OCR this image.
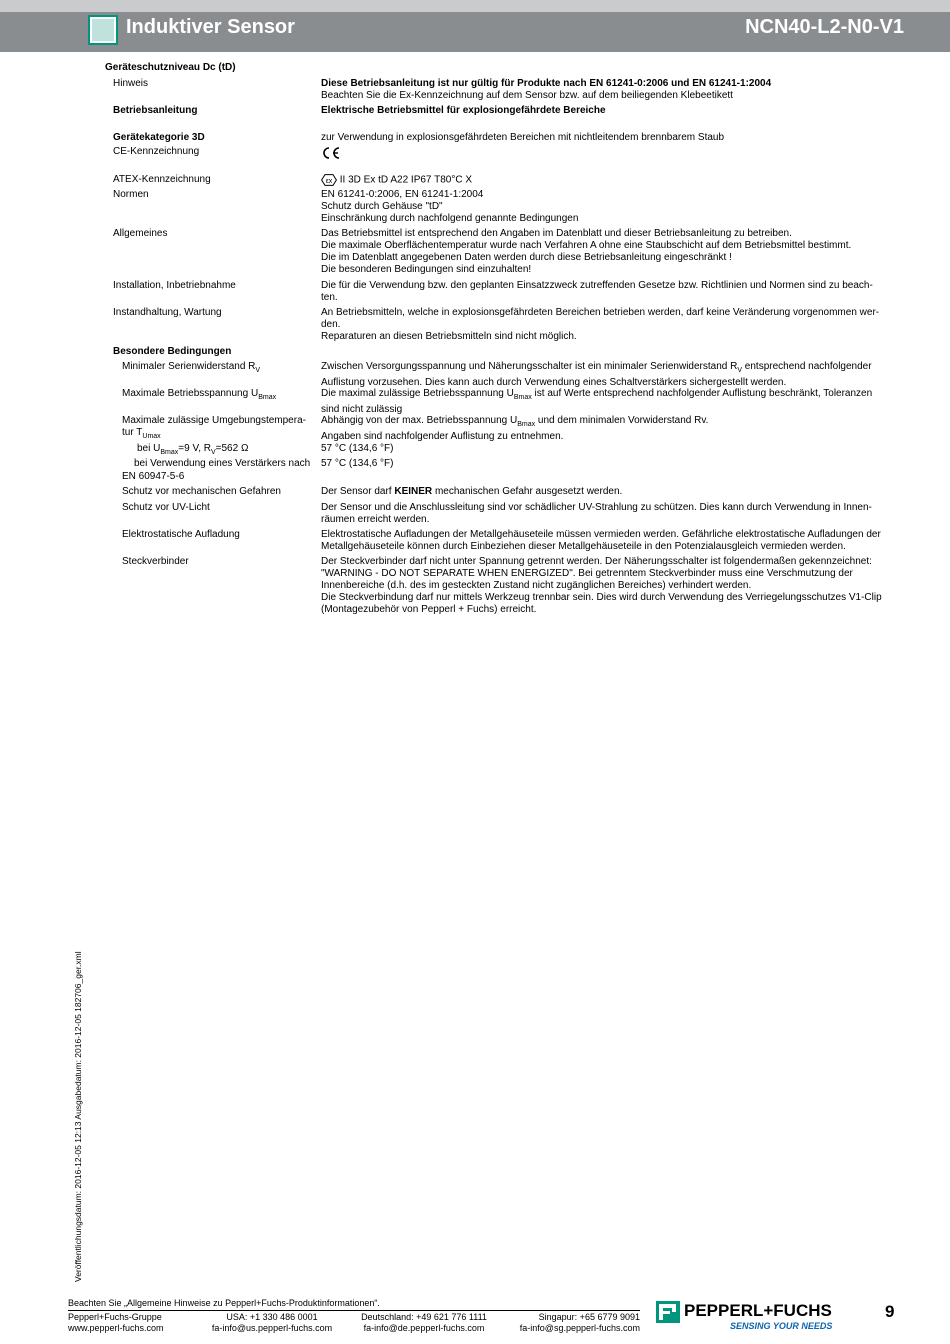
Induktiver Sensor	NCN40-L2-N0-V1
Geräteschutzniveau Dc (tD)
Hinweis	Diese Betriebsanleitung ist nur gültig für Produkte nach EN 61241-0:2006 und EN 61241-1:2004
Beachten Sie die Ex-Kennzeichnung auf dem Sensor bzw. auf dem beiliegenden Klebeetikett
Betriebsanleitung	Elektrische Betriebsmittel für explosiongefährdete Bereiche
Gerätekategorie 3D	zur Verwendung in explosionsgefährdeten Bereichen mit nichtleitendem brennbarem Staub
CE-Kennzeichnung
ATEX-Kennzeichnung	εx II 3D Ex tD A22 IP67 T80°C X
Normen	EN 61241-0:2006, EN 61241-1:2004
Schutz durch Gehäuse "tD"
Einschränkung durch nachfolgend genannte Bedingungen
Allgemeines	Das Betriebsmittel ist entsprechend den Angaben im Datenblatt und dieser Betriebsanleitung zu betreiben.
Die maximale Oberflächentemperatur wurde nach Verfahren A ohne eine Staubschicht auf dem Betriebsmittel bestimmt.
Die im Datenblatt angegebenen Daten werden durch diese Betriebsanleitung eingeschränkt !
Die besonderen Bedingungen sind einzuhalten!
Installation, Inbetriebnahme	Die für die Verwendung bzw. den geplanten Einsatzzweck zutreffenden Gesetze bzw. Richtlinien und Normen sind zu beach-
ten.
Instandhaltung, Wartung	An Betriebsmitteln, welche in explosionsgefährdeten Bereichen betrieben werden, darf keine Veränderung vorgenommen wer-
den.
Reparaturen an diesen Betriebsmitteln sind nicht möglich.
Besondere Bedingungen
Minimaler Serienwiderstand $R_V$	Zwischen Versorgungsspannung und Näherungsschalter ist ein minimaler Serienwiderstand $R_V$ entsprechend nachfolgender
Auflistung vorzusehen. Dies kann auch durch Verwendung eines Schaltverstärkers sichergestellt werden.
Maximale Betriebsspannung $U_{Bmax}$	Die maximal zulässige Betriebsspannung $U_{Bmax}$ ist auf Werte entsprechend nachfolgender Auflistung beschränkt, Toleranzen
sind nicht zulässig
Maximale zulässige Umgebungstempera-
tur $T_{Umax}$
Abhängig von der max. Betriebsspannung $U_{Bmax}$ und dem minimalen Vorwiderstand Rv.
Angaben sind nachfolgender Auflistung zu entnehmen.
bei $U_{Bmax}=9$ V, $R_V=562$ Ω	57 °C (134,6 °F)
bei Verwendung eines Verstärkers nach	57 °C (134,6 °F)
EN 60947-5-6
Schutz vor mechanischen Gefahren	Der Sensor darf KEINER mechanischen Gefahr ausgesetzt werden.
Schutz vor UV-Licht	Der Sensor und die Anschlussleitung sind vor schädlicher UV-Strahlung zu schützen. Dies kann durch Verwendung in Innen-
räumen erreicht werden.
Elektrostatische Aufladung	Elektrostatische Aufladungen der Metallgehäuseteile müssen vermieden werden. Gefährliche elektrostatische Aufladungen der
Metallgehäuseteile können durch Einbeziehen dieser Metallgehäuseteile in den Potenzialausgleich vermieden werden.
Steckverbinder	Der Steckverbinder darf nicht unter Spannung getrennt werden. Der Näherungsschalter ist folgendermaßen gekennzeichnet:
"WARNING - DO NOT SEPARATE WHEN ENERGIZED". Bei getrenntem Steckverbinder muss eine Verschmutzung der
Innenbereiche (d.h. des im gesteckten Zustand nicht zugänglichen Bereiches) verhindert werden.
Die Steckverbindung darf nur mittels Werkzeug trennbar sein. Dies wird durch Verwendung des Verriegelungsschutzes V1-Clip
(Montagezubehör von Pepperl + Fuchs) erreicht.
Veröffentlichungsdatum: 2016-12-05 12:13 Ausgabedatum: 2016-12-05 182706_ger.xml
Beachten Sie „Allgemeine Hinweise zu Pepperl+Fuchs-Produktinformationen“.
Pepperl+Fuchs-Gruppe
www.pepperl-fuchs.com
USA: +1 330 486 0001
fa-info@us.pepperl-fuchs.com
Deutschland: +49 621 776 1111
fa-info@de.pepperl-fuchs.com
Singapur: +65 6779 9091
fa-info@sg.pepperl-fuchs.com
PEPPERL+FUCHS
SENSING YOUR NEEDS
9
